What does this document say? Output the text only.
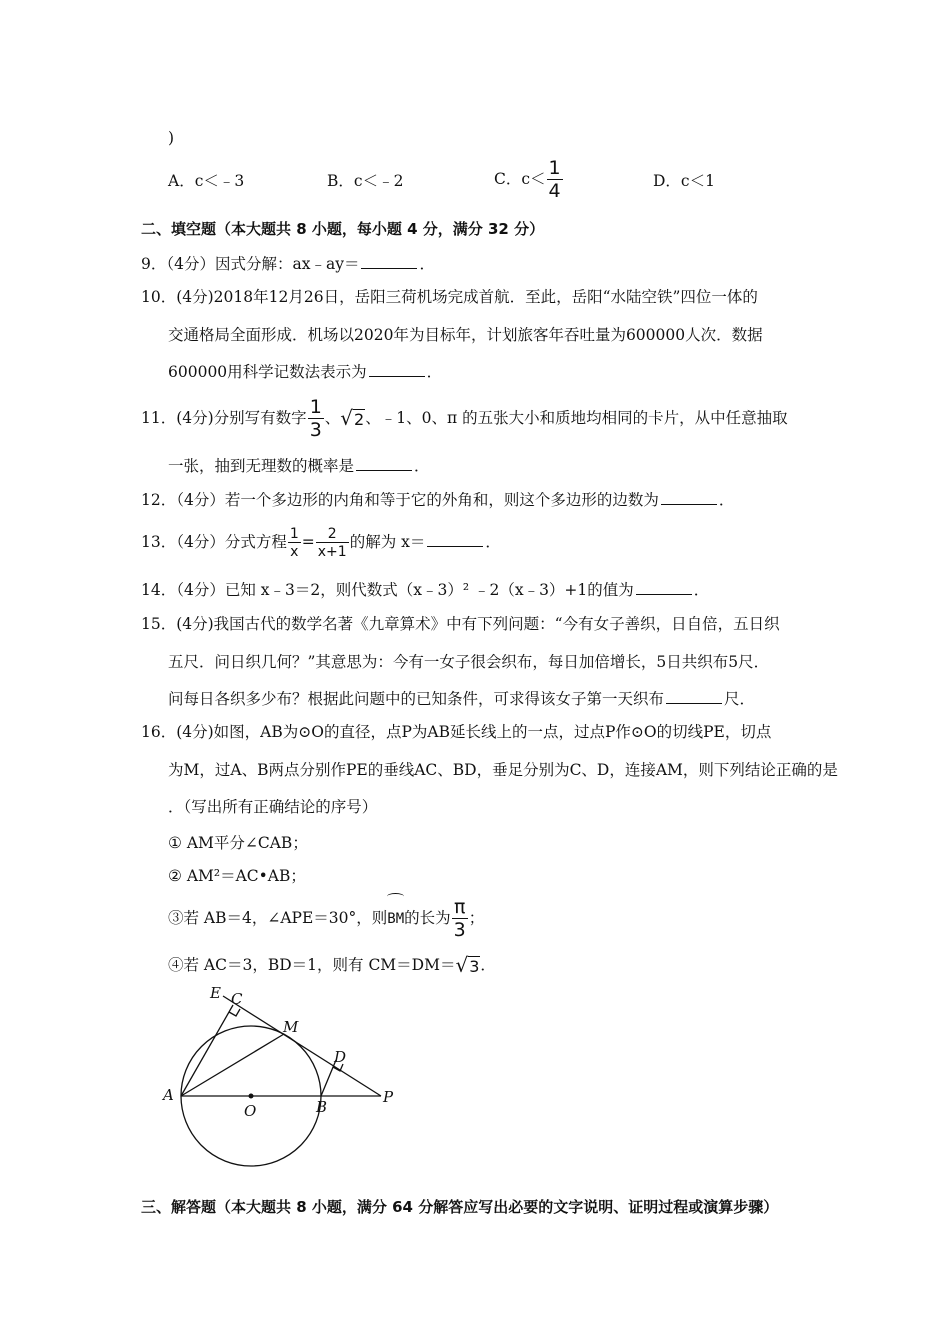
)
A．c＜﹣3	B．c＜﹣2	C．$c< \frac{1}{4}$	D．c＜1
二、填空题（本大题共 8 小题，每小题 4 分，满分 32 分）
9．（4分）因式分解：ax﹣ay＝	．
10．(4分)2018年12月26日，岳阳三荷机场完成首航．至此，岳阳“水陆空铁”四位一体的
交通格局全面形成．机场以2020年为目标年，计划旅客年吞吐量为600000人次．数据
600000用科学记数法表示为	．
11．(4分)分别写有数字 $\frac{1}{3}$ 、√2、﹣1、0、π 的五张大小和质地均相同的卡片，从中任意抽取
一张，抽到无理数的概率是	．
12．（4分）若一个多边形的内角和等于它的外角和，则这个多边形的边数为	．
13．（4分）分式方程 $\frac{1}{x} = \frac{2}{x+1}$ 的解为 x＝	．
14．（4分）已知 x﹣3＝2，则代数式（x﹣3）² ﹣2（x﹣3）+1的值为	．
15．(4分)我国古代的数学名著《九章算术》中有下列问题：“今有女子善织，日自倍，五日织
五尺．问日织几何？”其意思为：今有一女子很会织布，每日加倍增长，5日共织布5尺．
问每日各织多少布？根据此问题中的已知条件，可求得该女子第一天织布	尺．
16．(4分)如图，AB为⊙O的直径，点P为AB延长线上的一点，过点P作⊙O的切线PE，切点
为M，过A、B两点分别作PE的垂线AC、BD，垂足分别为C、D，连接AM，则下列结论正确的是
．（写出所有正确结论的序号）
① AM平分∠CAB；
② AM²＝AC•AB；
③若 AB＝4，∠APE＝30°，则BM的长为 $\frac{\pi}{3}$ ；
④若 AC＝3，BD＝1，则有 CM＝DM＝√3．
E C
M
D
A
O	B
P
三、解答题（本大题共 8 小题，满分 64 分解答应写出必要的文字说明、证明过程或演算步骤）
